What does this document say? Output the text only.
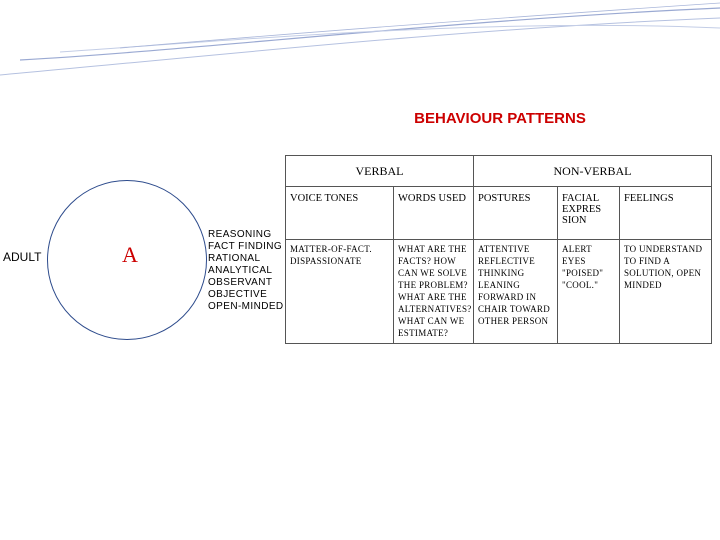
BEHAVIOUR PATTERNS
ADULT	A
REASONING
FACT FINDING
RATIONAL
ANALYTICAL
OBSERVANT
OBJECTIVE
OPEN-MINDED
VERBAL		NON-VERBAL		
VOICE TONES	WORDS USED	POSTURES	FACIAL EXPRES SION	FEELINGS
MATTER-OF-FACT. DISPASSIONATE	WHAT ARE THE FACTS? HOW CAN WE SOLVE THE PROBLEM? WHAT ARE THE ALTERNATIVES? WHAT CAN WE ESTIMATE?	ATTENTIVE REFLECTIVE THINKING LEANING FORWARD IN CHAIR TOWARD OTHER PERSON	ALERT EYES "POISED" "COOL."	TO UNDERSTAND TO FIND A SOLUTION, OPEN MINDED
